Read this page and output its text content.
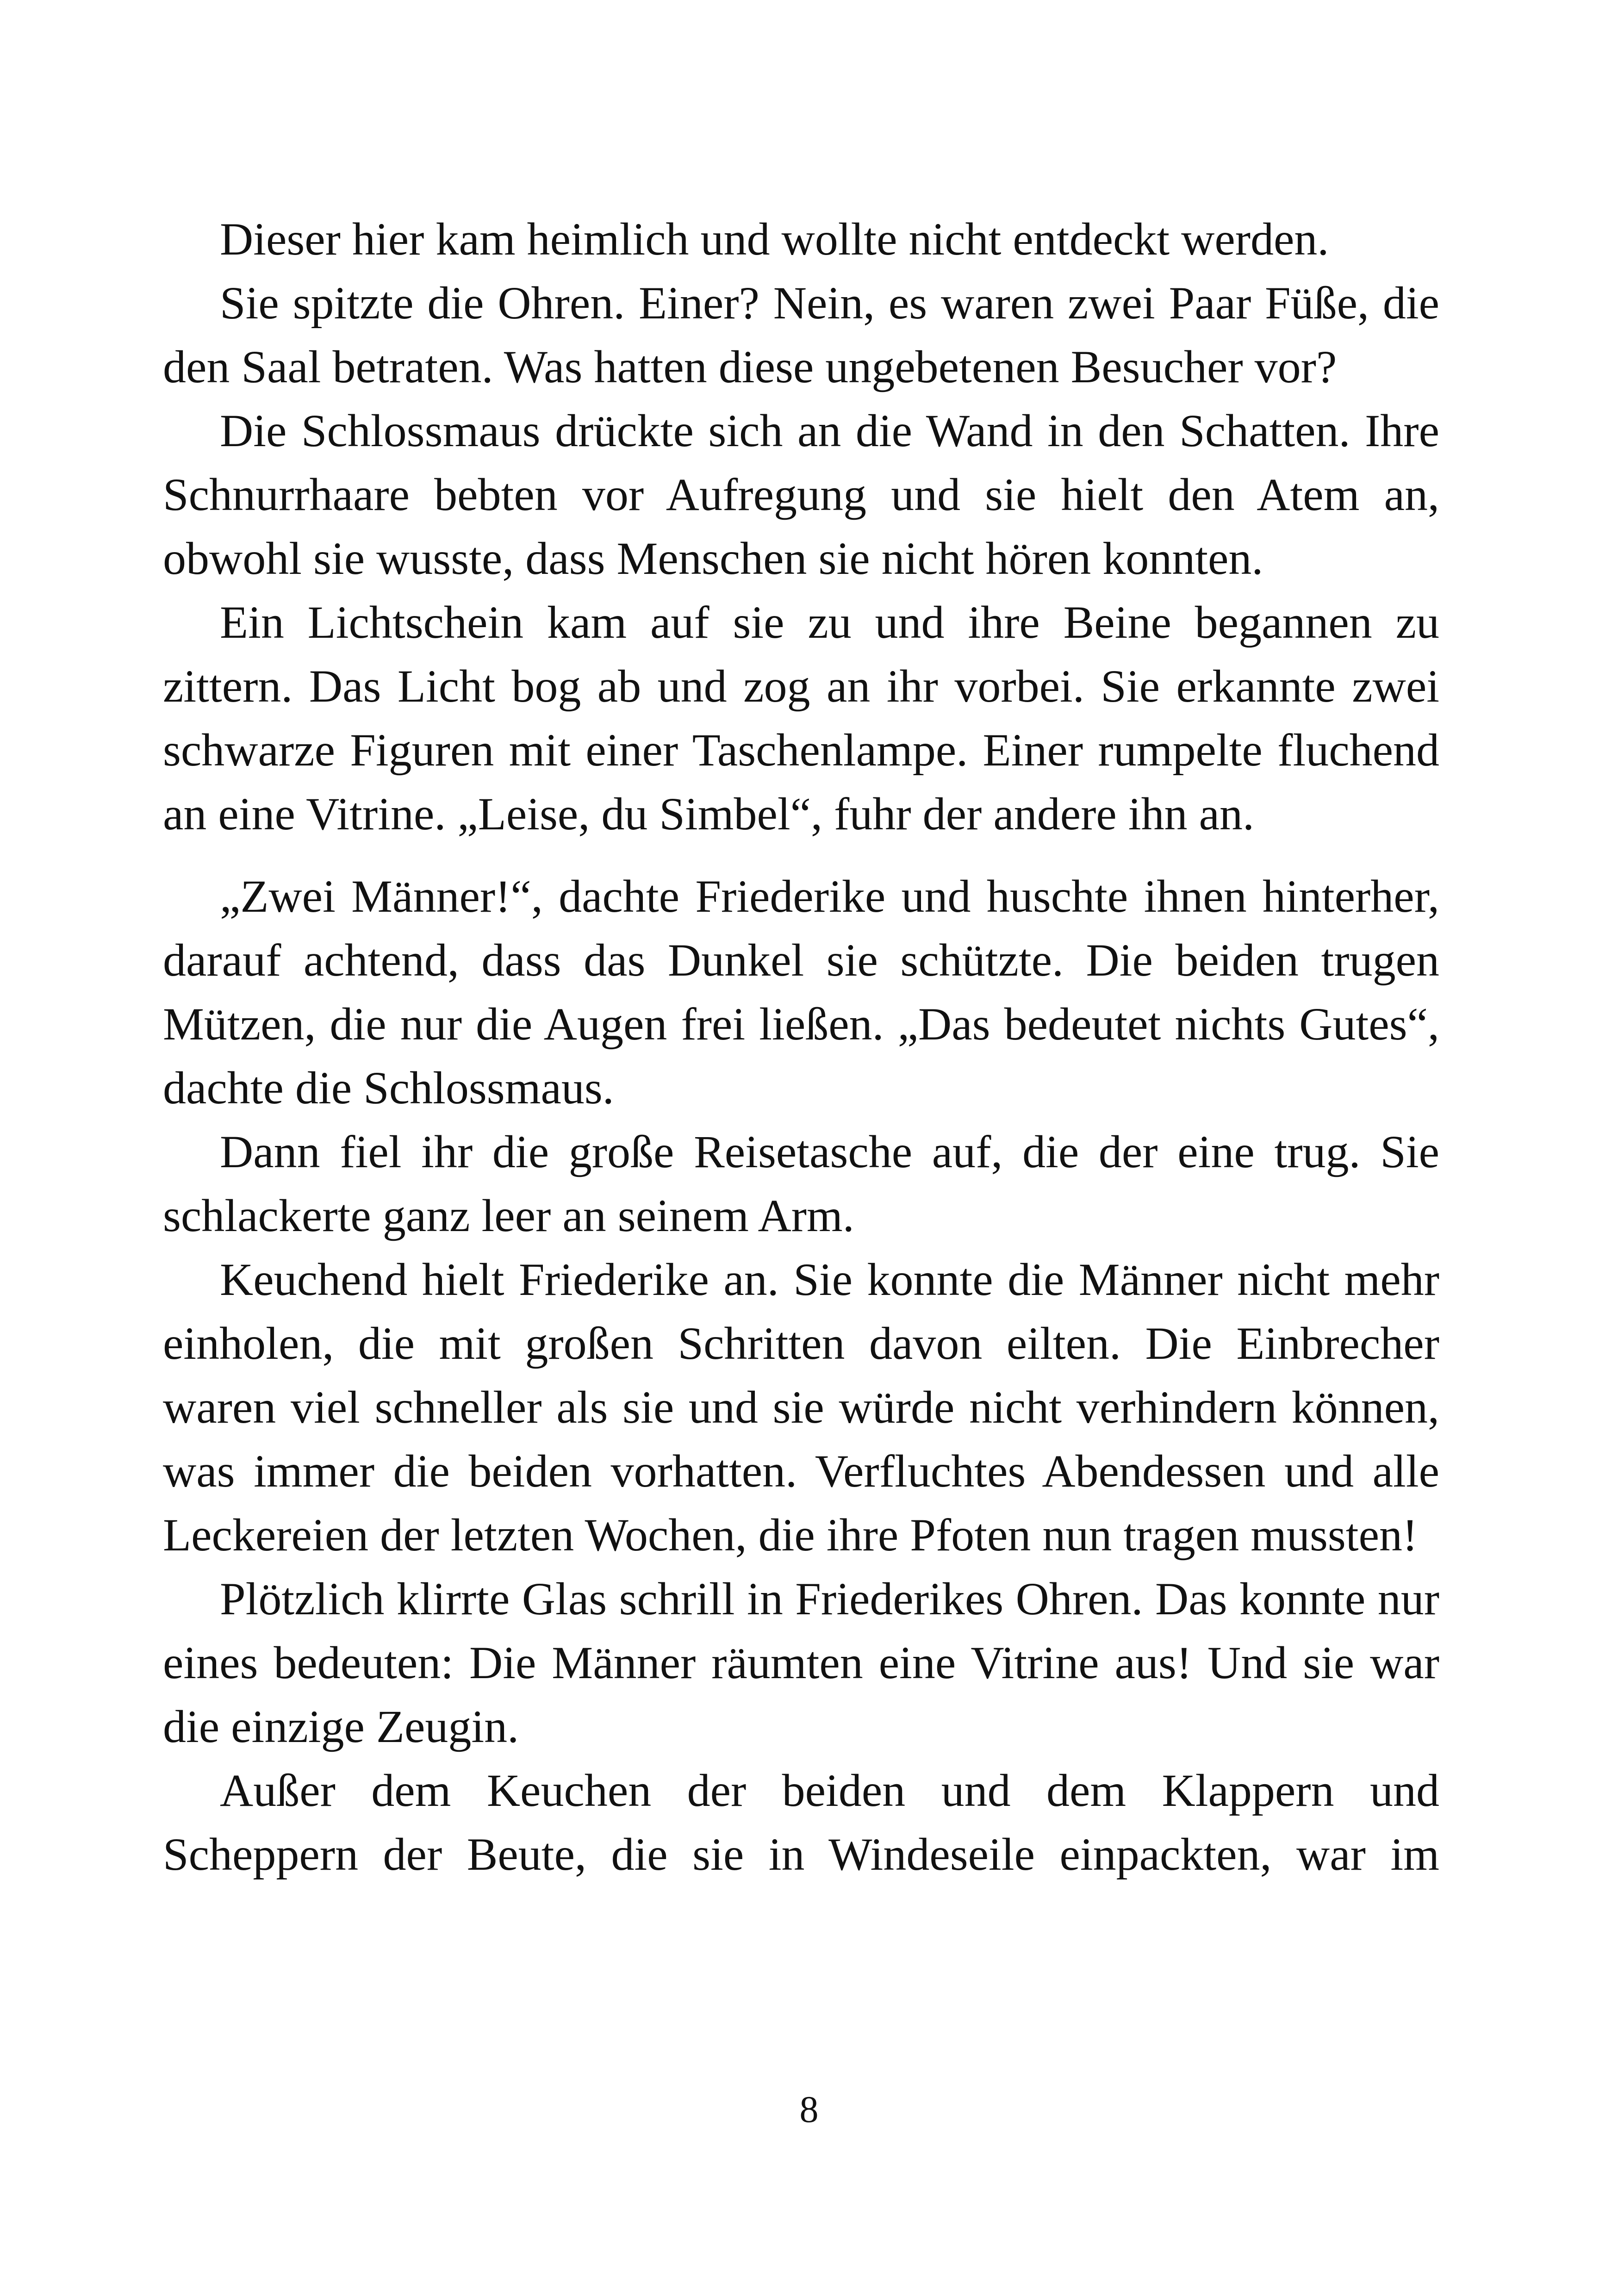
Dieser hier kam heimlich und wollte nicht entdeckt werden.

Sie spitzte die Ohren. Einer? Nein, es waren zwei Paar Füße, die den Saal betraten. Was hatten diese ungebetenen Besucher vor?

Die Schlossmaus drückte sich an die Wand in den Schatten. Ihre Schnurrhaare bebten vor Aufregung und sie hielt den Atem an, obwohl sie wusste, dass Menschen sie nicht hören konnten.

Ein Lichtschein kam auf sie zu und ihre Beine begannen zu zittern. Das Licht bog ab und zog an ihr vorbei. Sie erkannte zwei schwarze Figuren mit einer Taschenlampe. Einer rumpelte fluchend an eine Vitrine. „Leise, du Simbel“, fuhr der andere ihn an.

„Zwei Männer!“, dachte Friederike und huschte ihnen hinterher, darauf achtend, dass das Dunkel sie schützte. Die beiden trugen Mützen, die nur die Augen frei ließen. „Das bedeutet nichts Gutes“, dachte die Schlossmaus.

Dann fiel ihr die große Reisetasche auf, die der eine trug. Sie schlackerte ganz leer an seinem Arm.

Keuchend hielt Friederike an. Sie konnte die Männer nicht mehr einholen, die mit großen Schritten davon eilten. Die Einbrecher waren viel schneller als sie und sie würde nicht verhindern können, was immer die beiden vorhatten. Verfluchtes Abendessen und alle Leckereien der letzten Wochen, die ihre Pfoten nun tragen mussten!

Plötzlich klirrte Glas schrill in Friederikes Ohren. Das konnte nur eines bedeuten: Die Männer räumten eine Vitrine aus! Und sie war die einzige Zeugin.

Außer dem Keuchen der beiden und dem Klappern und Scheppern der Beute, die sie in Windeseile einpackten, war im

8
